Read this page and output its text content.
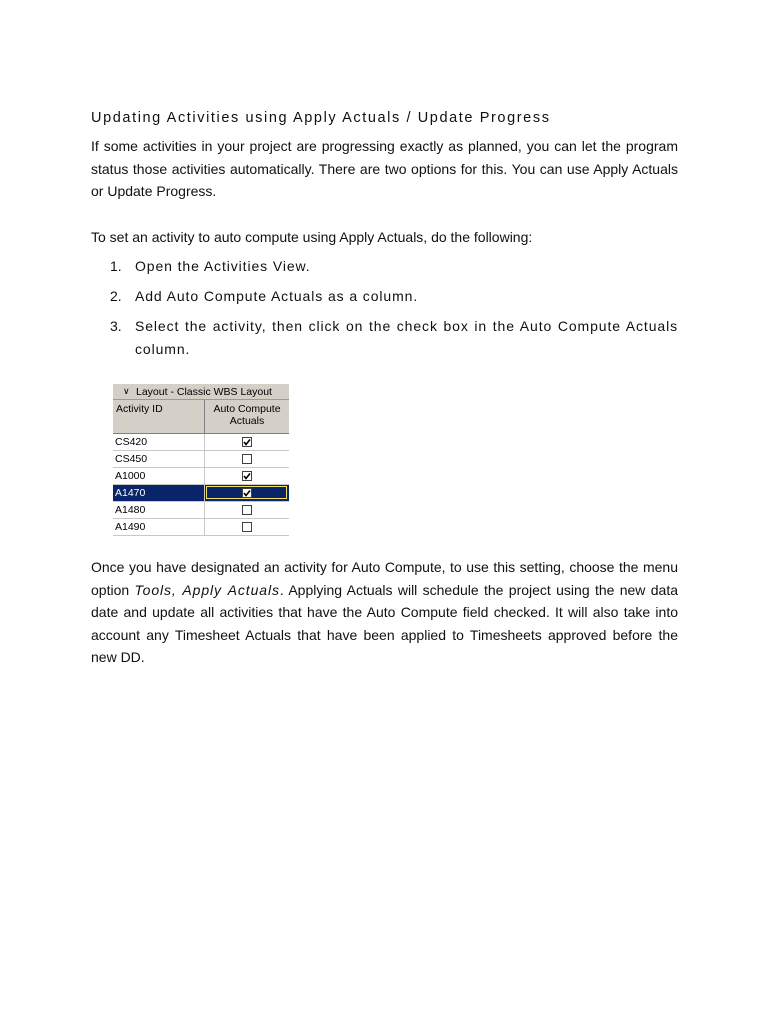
Updating Activities using Apply Actuals / Update Progress
If some activities in your project are progressing exactly as planned, you can let the program status those activities automatically. There are two options for this. You can use Apply Actuals or Update Progress.
To set an activity to auto compute using Apply Actuals, do the following:
1. Open the Activities View.
2. Add Auto Compute Actuals as a column.
3. Select the activity, then click on the check box in the Auto Compute Actuals column.
∨ Layout - Classic WBS Layout
Activity ID	Auto Compute
Actuals
CS420
CS450
A1000
A1470
A1480
A1490
Once you have designated an activity for Auto Compute, to use this setting, choose the menu option Tools, Apply Actuals. Applying Actuals will schedule the project using the new data date and update all activities that have the Auto Compute field checked. It will also take into account any Timesheet Actuals that have been applied to Timesheets approved before the new DD.
